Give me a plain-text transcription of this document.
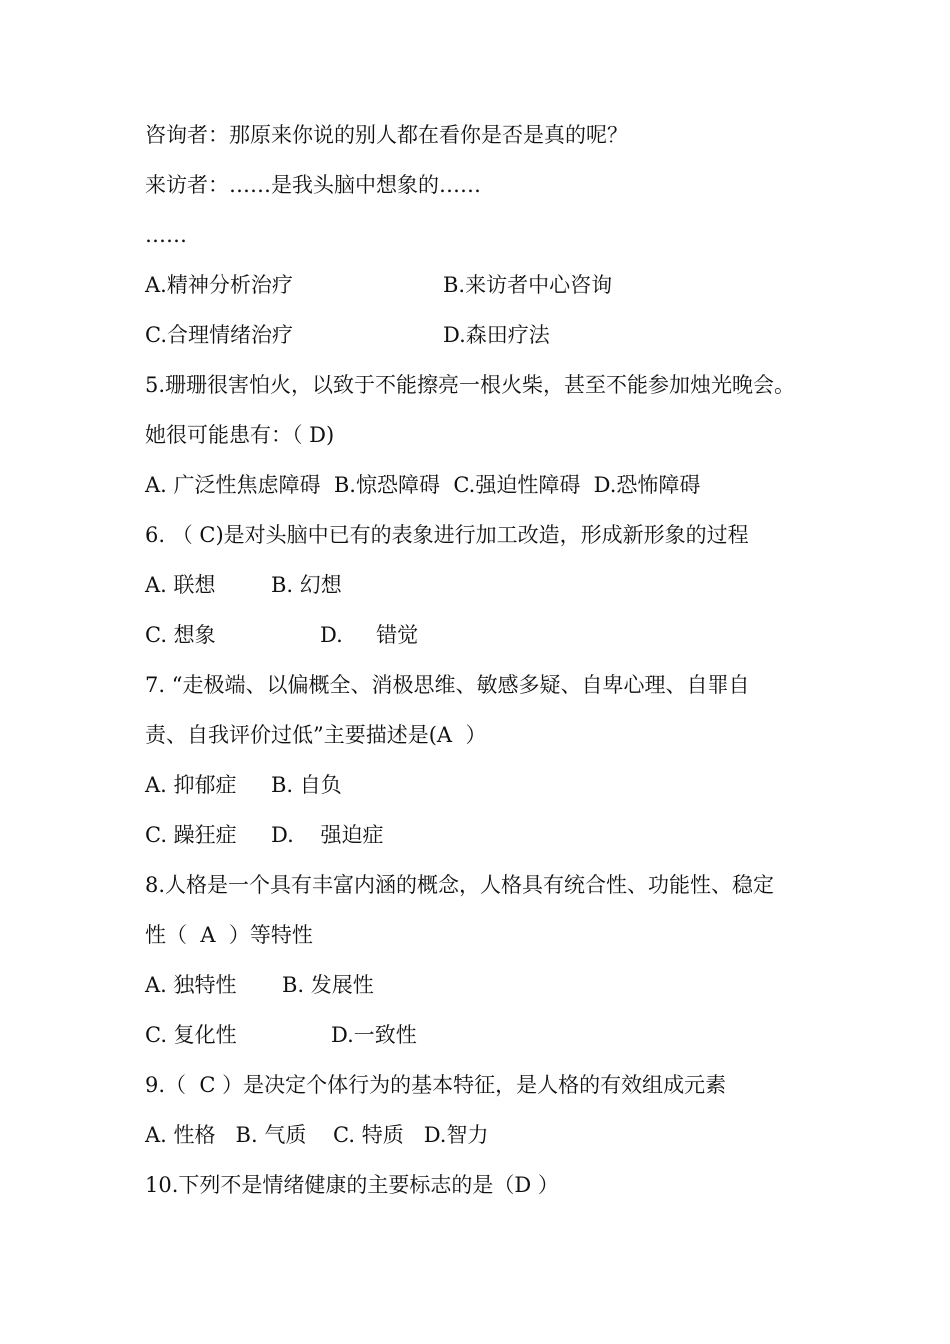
咨询者：那原来你说的别人都在看你是否是真的呢？
来访者：……是我头脑中想象的……
……
A.精神分析治疗	B.来访者中心咨询
C.合理情绪治疗	D.森田疗法
5.珊珊很害怕火，以致于不能擦亮一根火柴，甚至不能参加烛光晚会。
她很可能患有：（ D)
A. 广泛性焦虑障碍  B.惊恐障碍  C.强迫性障碍  D.恐怖障碍
6. （ C)是对头脑中已有的表象进行加工改造，形成新形象的过程
A. 联想	B. 幻想
C. 想象	D.     错觉
7. “走极端、以偏概全、消极思维、敏感多疑、自卑心理、自罪自
责、自我评价过低”主要描述是(A  ）
A. 抑郁症 B. 自负
C. 躁狂症 D.    强迫症
8.人格是一个具有丰富内涵的概念，人格具有统合性、功能性、稳定
性（  A  ）等特性
A. 独特性 B. 发展性
C. 复化性	D.一致性
9.（  C ）是决定个体行为的基本特征，是人格的有效组成元素
A. 性格   B. 气质    C. 特质   D.智力
10.下列不是情绪健康的主要标志的是（D ）
